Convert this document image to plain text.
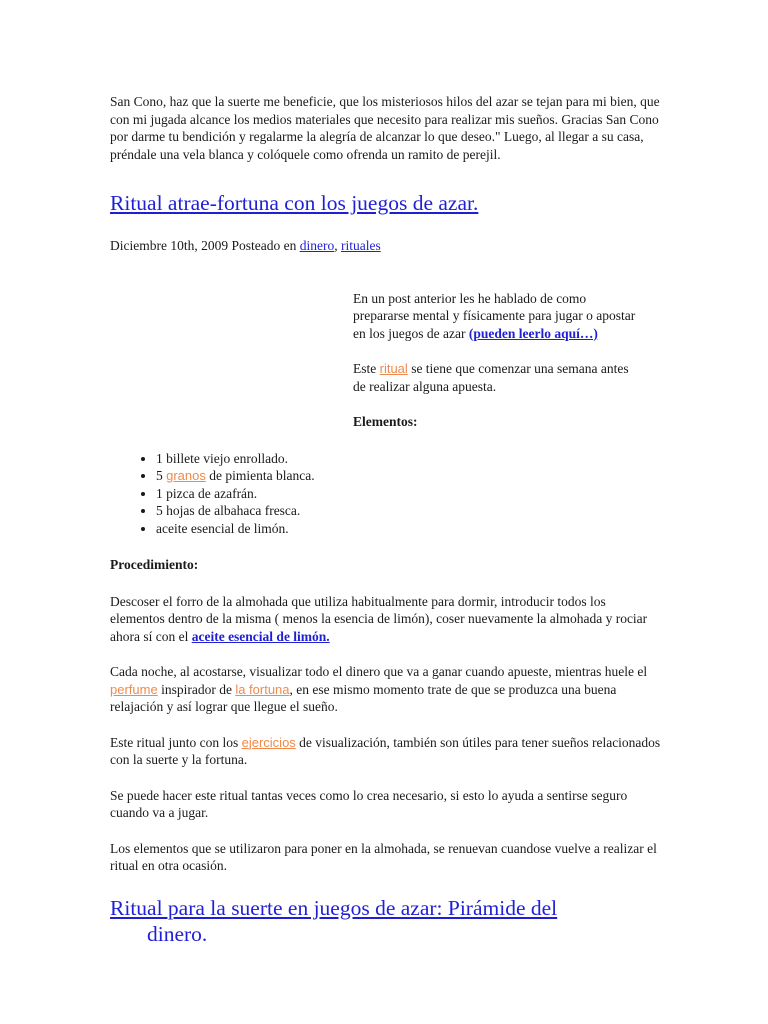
San Cono, haz que la suerte me beneficie, que los misteriosos hilos del azar se tejan para mi bien, que con mi jugada alcance los medios materiales que necesito para realizar mis sueños. Gracias San Cono por darme tu bendición y regalarme la alegría de alcanzar lo que deseo." Luego, al llegar a su casa, préndale una vela blanca y colóquele como ofrenda un ramito de perejil.

Ritual atrae-fortuna con los juegos de azar.

Diciembre 10th, 2009 Posteado en dinero, rituales

En un post anterior les he hablado de como prepararse mental y físicamente para jugar o apostar en los juegos de azar (pueden leerlo aquí…)

Este ritual se tiene que comenzar una semana antes de realizar alguna apuesta.

Elementos:

• 1 billete viejo enrollado.
• 5 granos de pimienta blanca.
• 1 pizca de azafrán.
• 5 hojas de albahaca fresca.
• aceite esencial de limón.

Procedimiento:

Descoser el forro de la almohada que utiliza habitualmente para dormir, introducir todos los elementos dentro de la misma ( menos la esencia de limón), coser nuevamente la almohada y rociar ahora sí con el aceite esencial de limón.

Cada noche, al acostarse, visualizar todo el dinero que va a ganar cuando apueste, mientras huele el perfume inspirador de la fortuna, en ese mismo momento trate de que se produzca una buena relajación y así lograr que llegue el sueño.

Este ritual junto con los ejercicios de visualización, también son útiles para tener sueños relacionados con la suerte y la fortuna.

Se puede hacer este ritual tantas veces como lo crea necesario, si esto lo ayuda a sentirse seguro cuando va a jugar.

Los elementos que se utilizaron para poner en la almohada, se renuevan cuandose vuelve a realizar el ritual en otra ocasión.

Ritual para la suerte en juegos de azar: Pirámide del
dinero.
